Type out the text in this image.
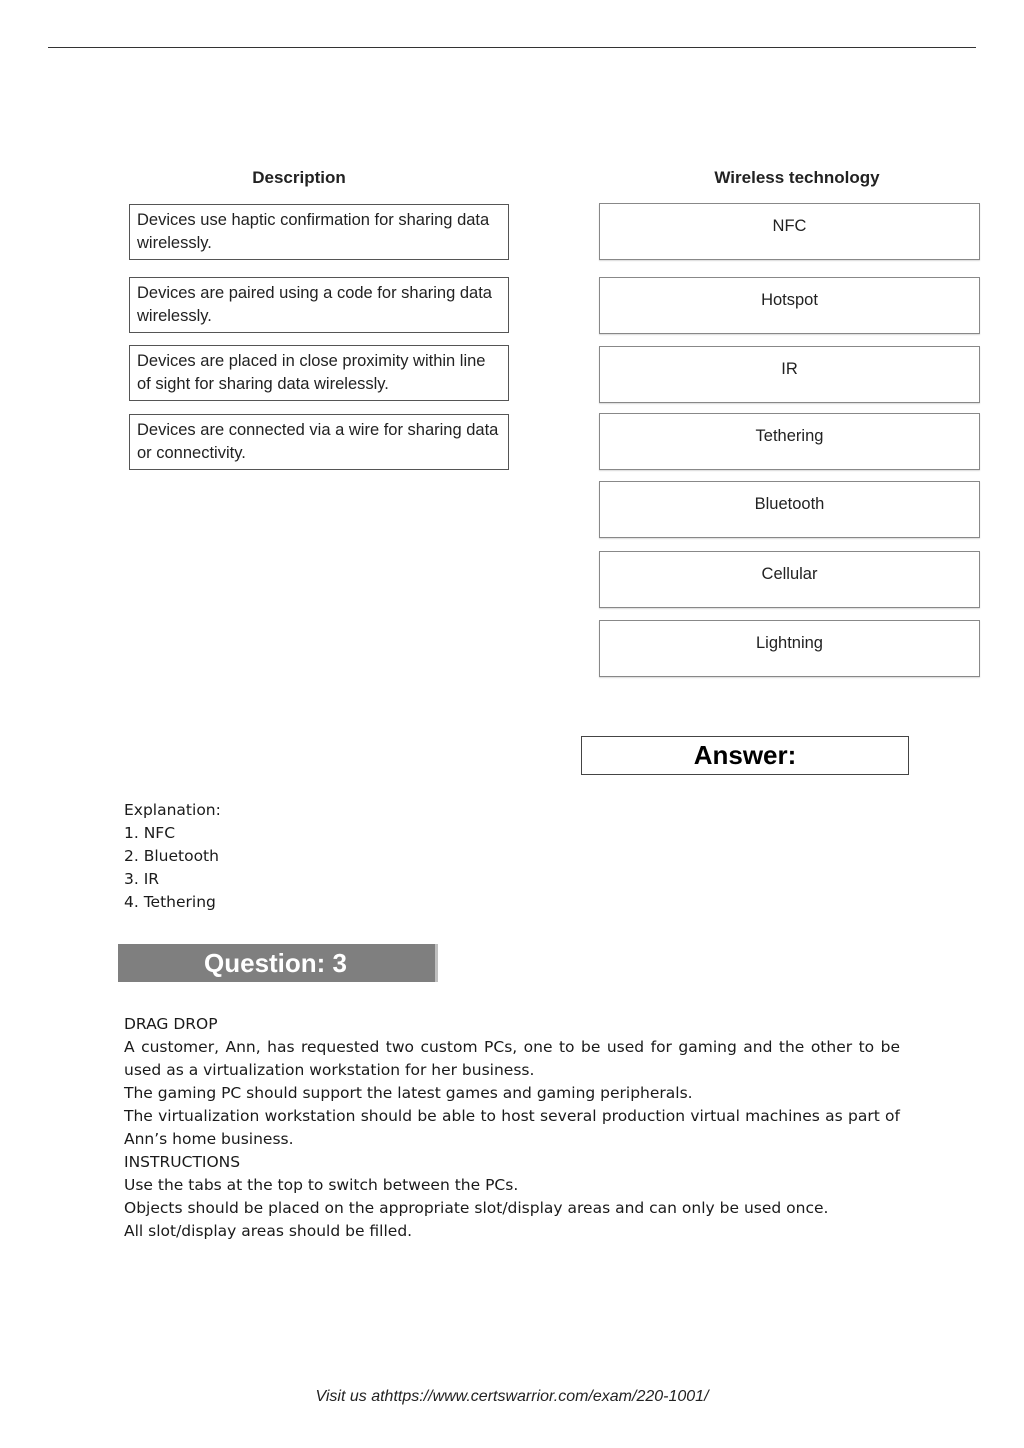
Description	Wireless technology
Devices use haptic confirmation for sharing data wirelessly.
Devices are paired using a code for sharing data wirelessly.
Devices are placed in close proximity within line of sight for sharing data wirelessly.
Devices are connected via a wire for sharing data or connectivity.
NFC
Hotspot
IR
Tethering
Bluetooth
Cellular
Lightning
Answer:
Explanation:
1. NFC
2. Bluetooth
3. IR
4. Tethering
Question: 3

DRAG DROP

A customer, Ann, has requested two custom PCs, one to be used for gaming and the other to be used as a virtualization workstation for her business.

The gaming PC should support the latest games and gaming peripherals.

The virtualization workstation should be able to host several production virtual machines as part of Ann’s home business.

INSTRUCTIONS

Use the tabs at the top to switch between the PCs.

Objects should be placed on the appropriate slot/display areas and can only be used once.

All slot/display areas should be filled.

Visit us athttps://www.certswarrior.com/exam/220-1001/
